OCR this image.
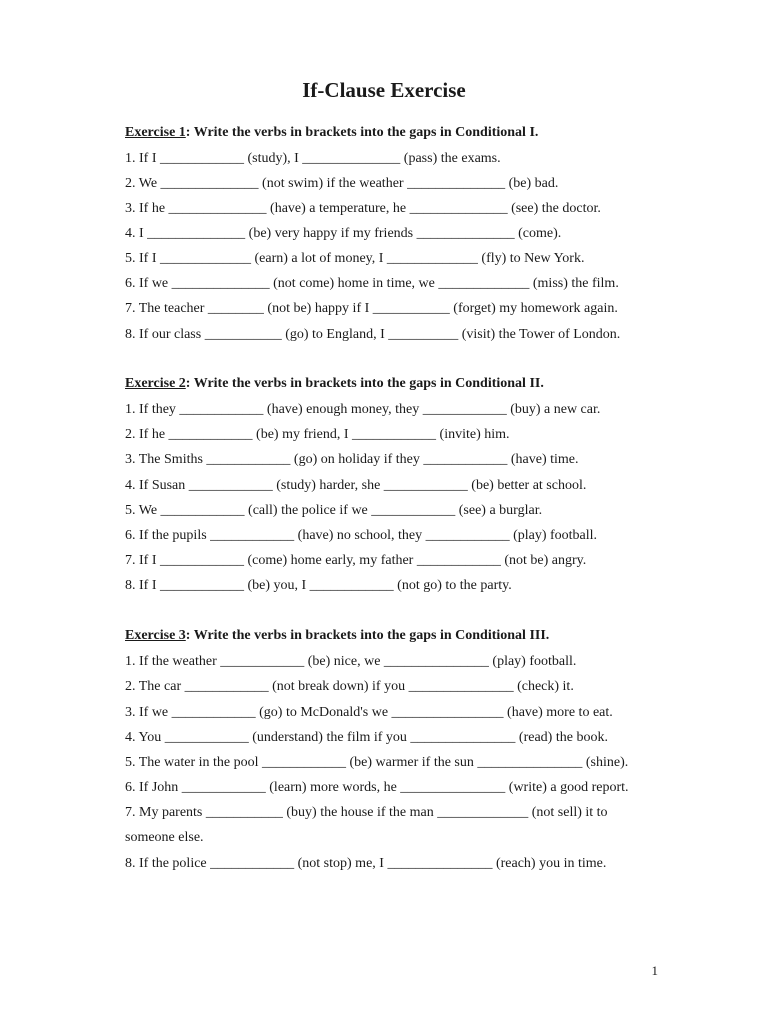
If-Clause Exercise
Exercise 1: Write the verbs in brackets into the gaps in Conditional I.
1. If I ____________ (study), I ______________ (pass) the exams.
2. We ______________ (not swim) if the weather ______________ (be) bad.
3. If he ______________ (have) a temperature, he ______________ (see) the doctor.
4. I ______________ (be) very happy if my friends ______________ (come).
5. If I _____________ (earn) a lot of money, I _____________ (fly) to New York.
6. If we ______________ (not come) home in time, we _____________ (miss) the film.
7. The teacher ________ (not be) happy if I ___________ (forget) my homework again.
8. If our class ___________ (go) to England, I __________ (visit) the Tower of London.
Exercise 2: Write the verbs in brackets into the gaps in Conditional II.
1. If they ____________ (have) enough money, they ____________ (buy) a new car.
2. If he ____________ (be) my friend, I ____________ (invite) him.
3. The Smiths ____________ (go) on holiday if they ____________ (have) time.
4. If Susan ____________ (study) harder, she ____________ (be) better at school.
5. We ____________ (call) the police if we ____________ (see) a burglar.
6. If the pupils ____________ (have) no school, they ____________ (play) football.
7. If I ____________ (come) home early, my father ____________ (not be) angry.
8. If I ____________ (be) you, I ____________ (not go) to the party.
Exercise 3: Write the verbs in brackets into the gaps in Conditional III.
1. If the weather ____________ (be) nice, we _______________ (play) football.
2. The car ____________ (not break down) if you _______________ (check) it.
3. If we ____________ (go) to McDonald's we ________________ (have) more to eat.
4. You ____________ (understand) the film if you _______________ (read) the book.
5. The water in the pool ____________ (be) warmer if the sun _______________ (shine).
6. If John ____________ (learn) more words, he _______________ (write) a good report.
7. My parents ___________ (buy) the house if the man _____________ (not sell) it to
someone else.
8. If the police ____________ (not stop) me, I _______________ (reach) you in time.
1
